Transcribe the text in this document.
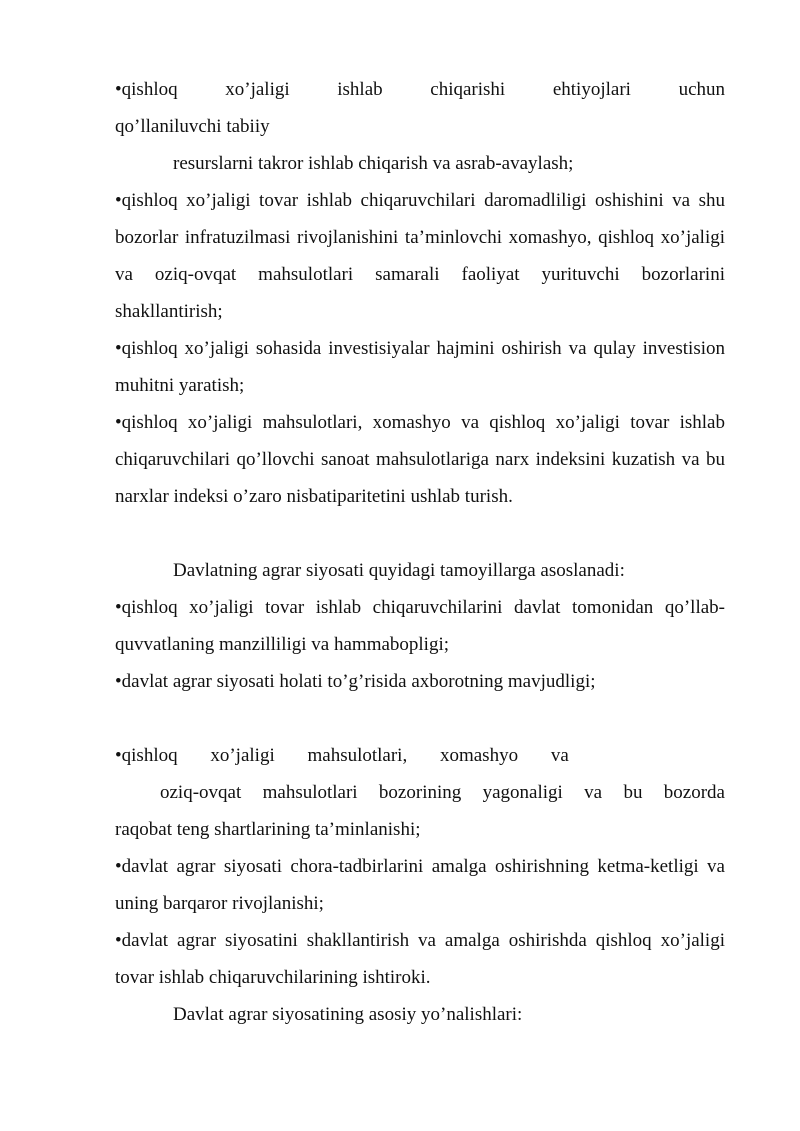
•qishloq xo’jaligi ishlab chiqarishi ehtiyojlari uchun
qo’llaniluvchi tabiiy

resurslarni takror ishlab chiqarish va asrab-avaylash;

•qishloq xo’jaligi tovar ishlab chiqaruvchilari daromadliligi oshishini va shu bozorlar infratuzilmasi rivojlanishini ta’minlovchi xomashyo, qishloq xo’jaligi va oziq-ovqat mahsulotlari samarali faoliyat yurituvchi bozorlarini shakllantirish;

•qishloq xo’jaligi sohasida investisiyalar hajmini oshirish va qulay investision muhitni yaratish;

•qishloq xo’jaligi mahsulotlari, xomashyo va qishloq xo’jaligi tovar ishlab chiqaruvchilari qo’llovchi sanoat mahsulotlariga narx indeksini kuzatish va bu narxlar indeksi o’zaro nisbatiparitetini ushlab turish.

Davlatning agrar siyosati quyidagi tamoyillarga asoslanadi:

•qishloq xo’jaligi tovar ishlab chiqaruvchilarini davlat tomonidan qo’llab- quvvatlaning manzilliligi va hammabopligi;

•davlat agrar siyosati holati to’g’risida axborotning mavjudligi;

•qishloq xo’jaligi mahsulotlari, xomashyo va
oziq-ovqat mahsulotlari bozorining yagonaligi va bu bozorda
raqobat teng shartlarining ta’minlanishi;

•davlat agrar siyosati chora-tadbirlarini amalga oshirishning ketma-ketligi va uning barqaror rivojlanishi;

•davlat agrar siyosatini shakllantirish va amalga oshirishda qishloq xo’jaligi tovar ishlab chiqaruvchilarining ishtiroki.

Davlat agrar siyosatining asosiy yo’nalishlari:
